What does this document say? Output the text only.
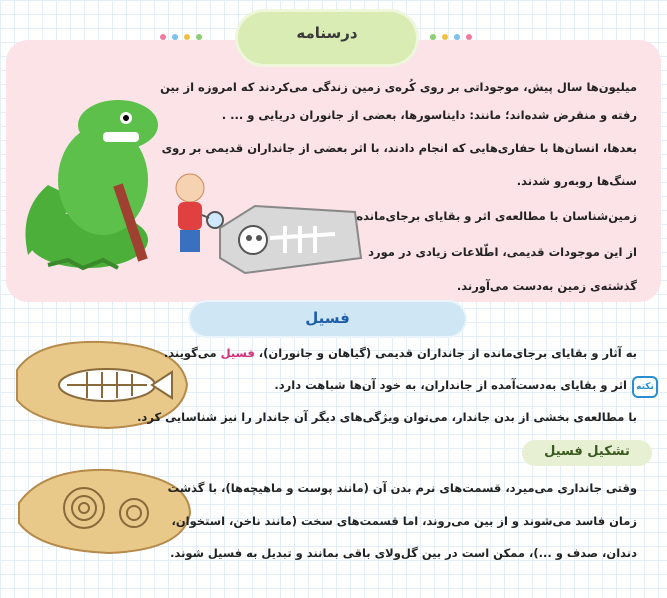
درسنامه
میلیون‌ها سال پیش، موجوداتی بر روی کُره‌ی زمین زندگی می‌کردند که امروزه از بین
رفته و منقرض شده‌اند؛ مانند: دایناسورها، بعضی از جانوران دریایی و ... .
بعدها، انسان‌ها با حفاری‌هایی که انجام دادند، با اثر بعضی از جانداران قدیمی بر روی
سنگ‌ها روبه‌رو شدند.
زمین‌شناسان با مطالعه‌ی اثر و بقایای برجای‌مانده
از این موجودات قدیمی، اطّلاعات زیادی در مورد
گذشته‌ی زمین به‌دست می‌آورند.
فسیل
به آثار و بقایای برجای‌مانده از جانداران قدیمی (گیاهان و جانوران)، فسیل می‌گویند.
نکته
اثر و بقایای به‌دست‌آمده از جانداران، به خود آن‌ها شباهت دارد.
با مطالعه‌ی بخشی از بدن جاندار، می‌توان ویژگی‌های دیگر آن جاندار را نیز شناسایی کرد.
تشکیل فسیل
وقتی جانداری می‌میرد، قسمت‌های نرم بدن آن (مانند پوست و ماهیچه‌ها)، با گذشت
زمان فاسد می‌شوند و از بین می‌روند، اما قسمت‌های سخت (مانند ناخن، استخوان،
دندان، صدف و ...)، ممکن است در بین گل‌ولای باقی بمانند و تبدیل به فسیل شوند.
